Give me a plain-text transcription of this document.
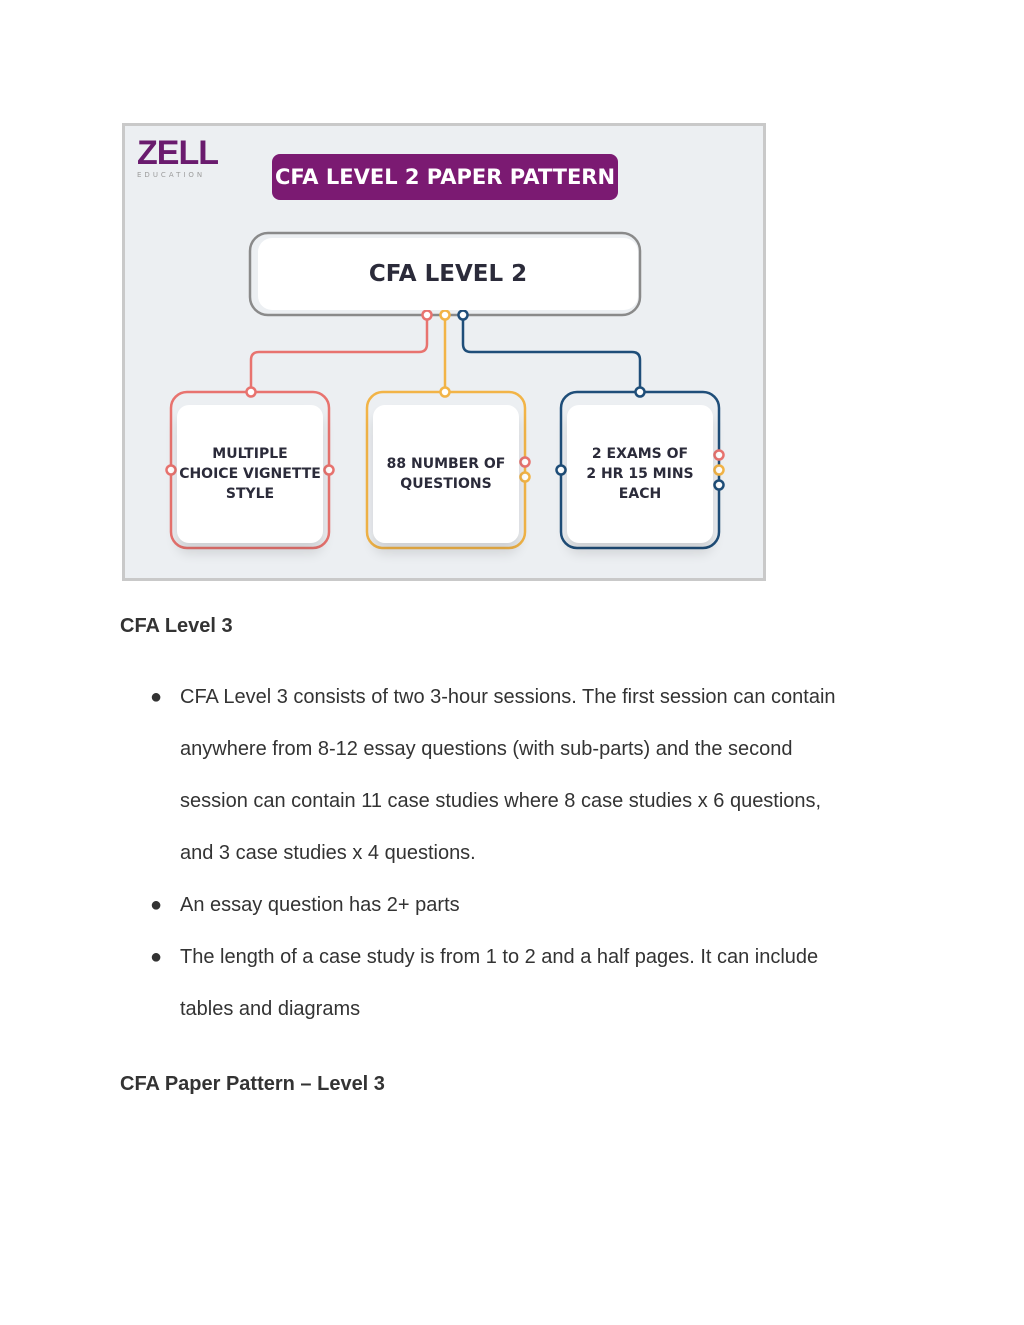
ZELL
EDUCATION	CFA LEVEL 2 PAPER PATTERN
CFA LEVEL 2
MULTIPLE
CHOICE VIGNETTE
STYLE
88 NUMBER OF
QUESTIONS
2 EXAMS OF
2 HR 15 MINS
EACH
CFA Level 3
● CFA Level 3 consists of two 3-hour sessions. The first session can contain
anywhere from 8-12 essay questions (with sub-parts) and the second
session can contain 11 case studies where 8 case studies x 6 questions,
and 3 case studies x 4 questions.
● An essay question has 2+ parts
● The length of a case study is from 1 to 2 and a half pages. It can include
tables and diagrams
CFA Paper Pattern – Level 3
